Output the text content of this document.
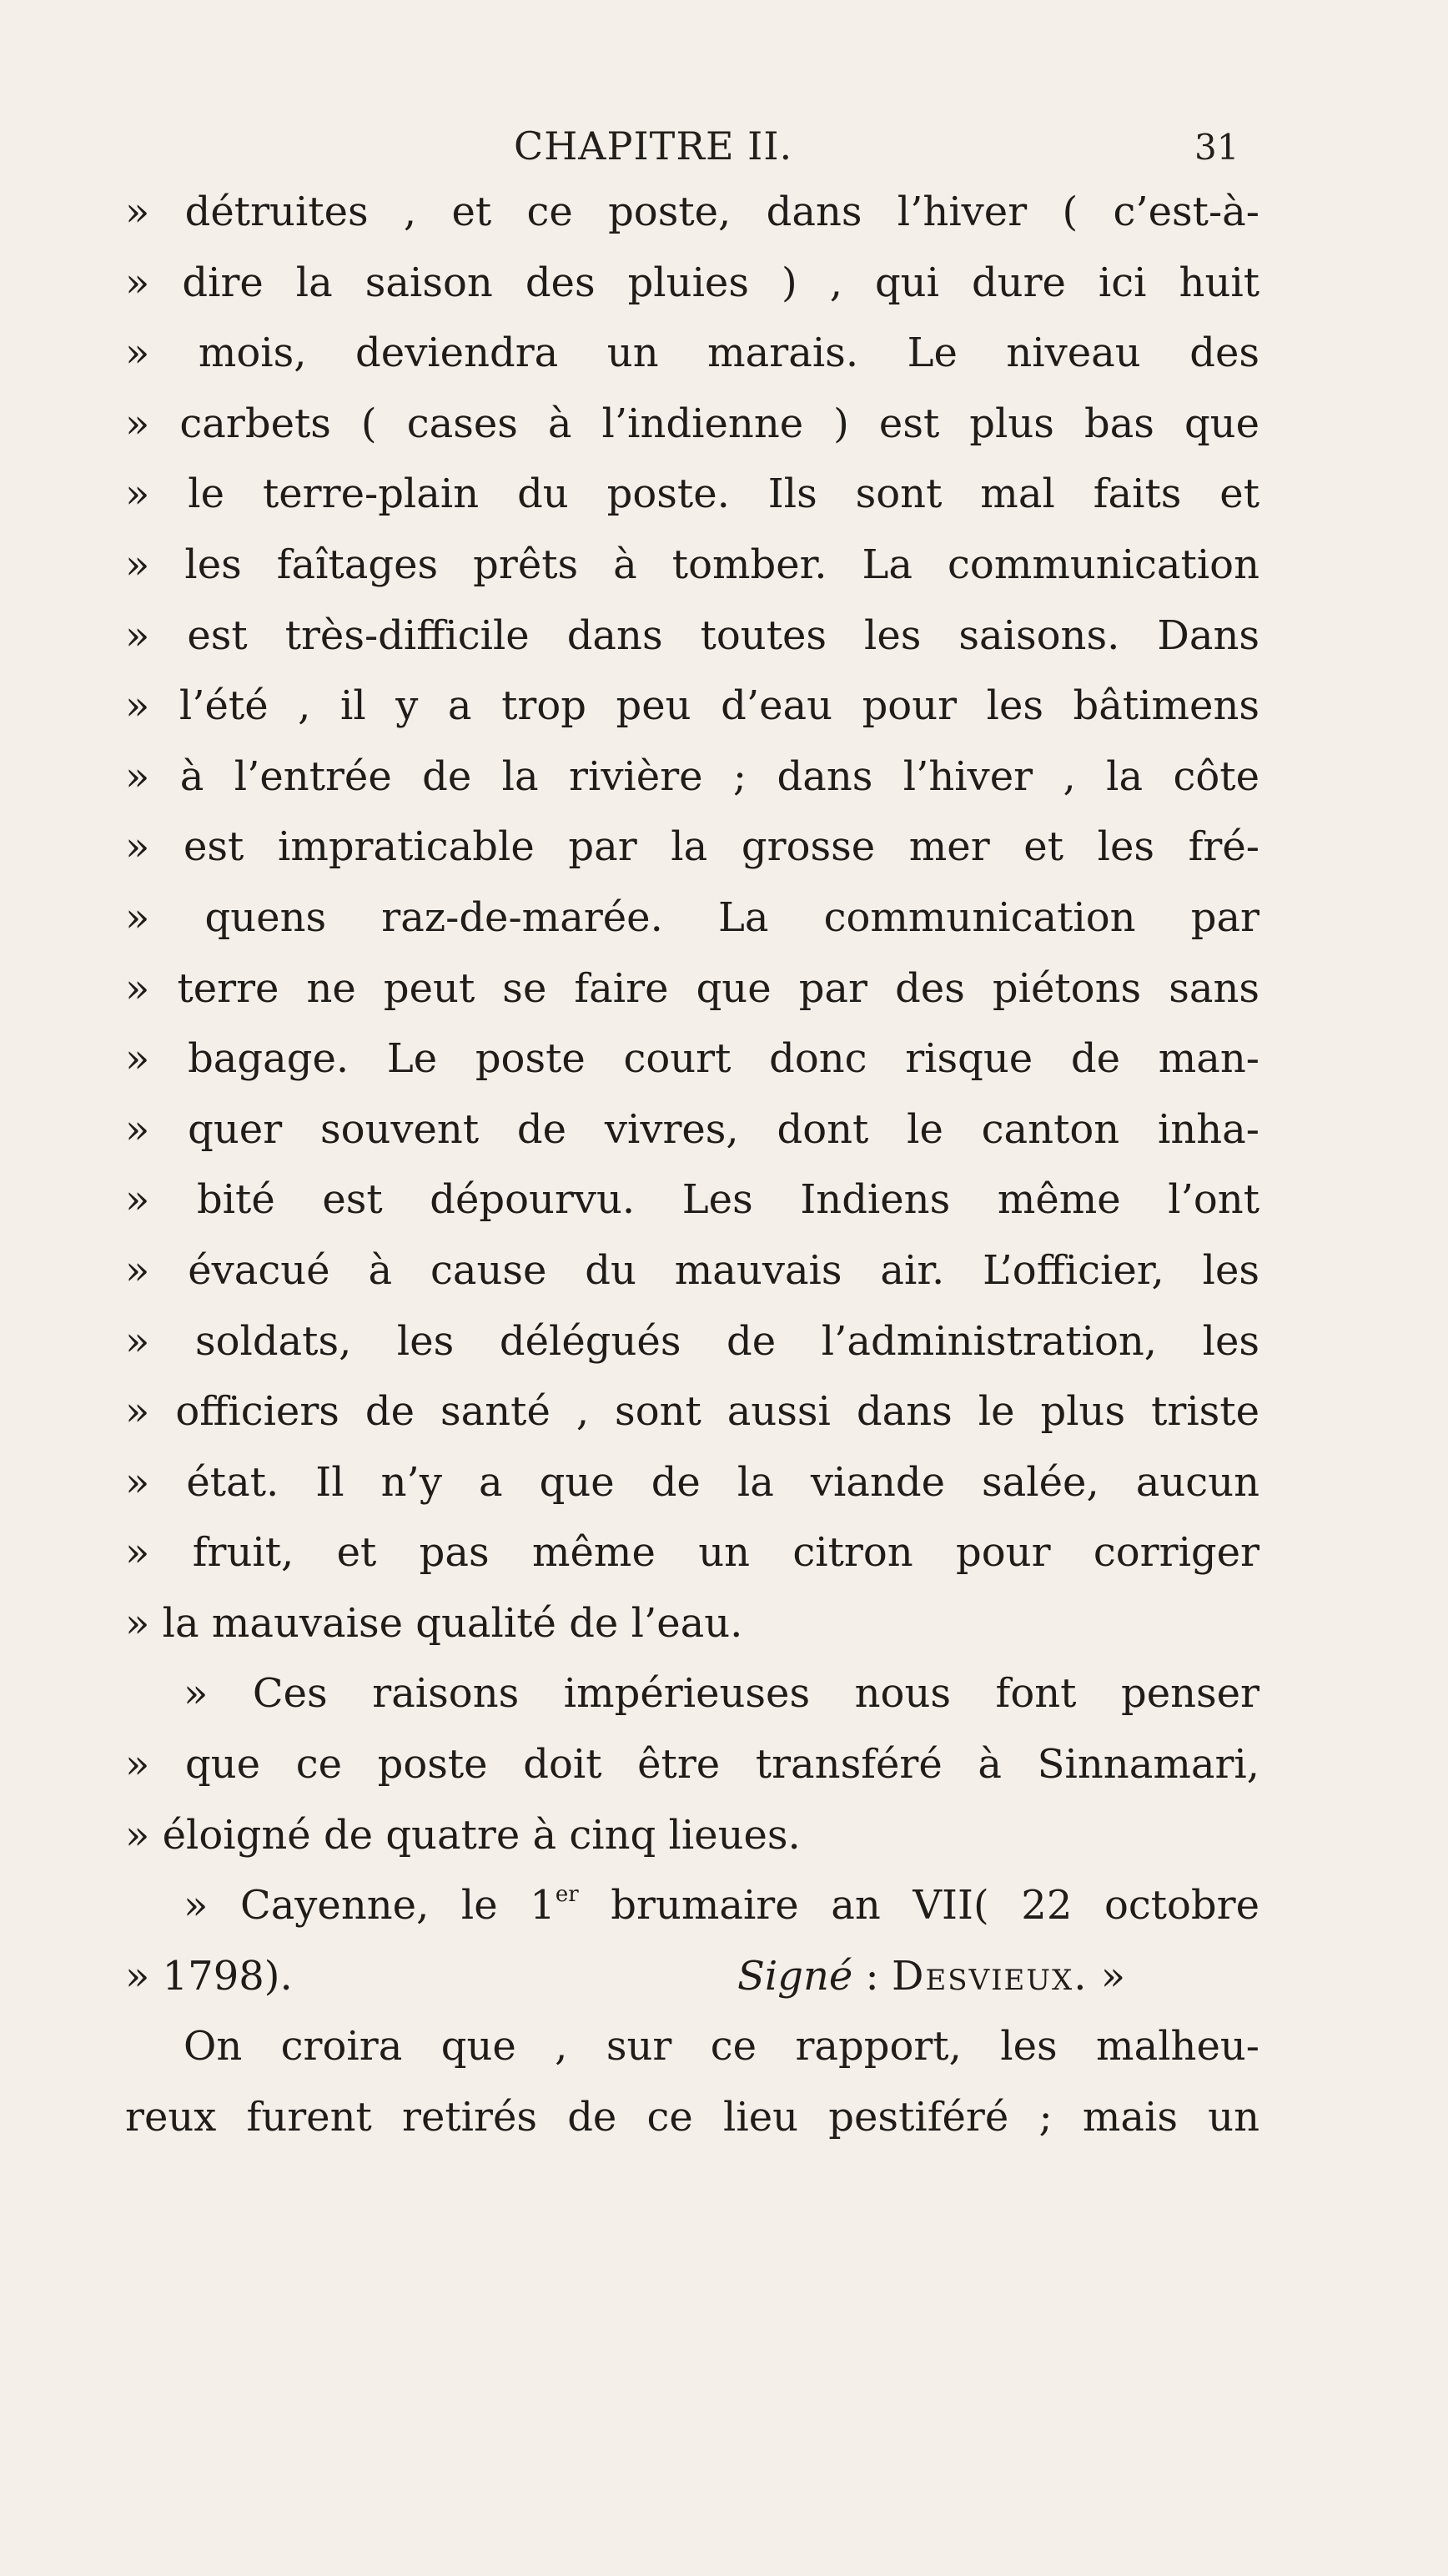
CHAPITRE II.	31
» détruites , et ce poste, dans l’hiver ( c’est-à-
» dire la saison des pluies ) , qui dure ici huit
» mois, deviendra un marais. Le niveau des
» carbets ( cases à l’indienne ) est plus bas que
» le terre-plain du poste. Ils sont mal faits et
» les faîtages prêts à tomber. La communication
» est très-difficile dans toutes les saisons. Dans
» l’été , il y a trop peu d’eau pour les bâtimens
» à l’entrée de la rivière ; dans l’hiver , la côte
» est impraticable par la grosse mer et les fré-
» quens raz-de-marée. La communication par
» terre ne peut se faire que par des piétons sans
» bagage. Le poste court donc risque de man-
» quer souvent de vivres, dont le canton inha-
» bité est dépourvu. Les Indiens même l’ont
» évacué à cause du mauvais air. L’officier, les
» soldats, les délégués de l’administration, les
» officiers de santé , sont aussi dans le plus triste
» état. Il n’y a que de la viande salée, aucun
» fruit, et pas même un citron pour corriger
» la mauvaise qualité de l’eau.
» Ces raisons impérieuses nous font penser
» que ce poste doit être transféré à Sinnamari,
» éloigné de quatre à cinq lieues.
» Cayenne, le 1er brumaire an VII( 22 octobre
» 1798).	Signé : Desvieux. »
On croira que , sur ce rapport, les malheu-
reux furent retirés de ce lieu pestiféré ; mais un
